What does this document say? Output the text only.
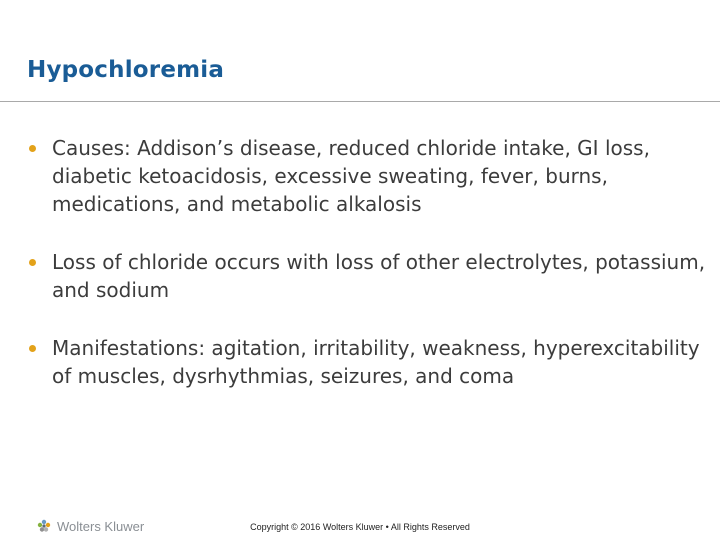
Hypochloremia
Causes: Addison’s disease, reduced chloride intake, GI loss, diabetic ketoacidosis, excessive sweating, fever, burns, medications, and metabolic alkalosis
Loss of chloride occurs with loss of other electrolytes, potassium, and sodium
Manifestations: agitation, irritability, weakness, hyperexcitability of muscles, dysrhythmias, seizures, and coma
Wolters Kluwer	Copyright © 2016 Wolters Kluwer • All Rights Reserved
